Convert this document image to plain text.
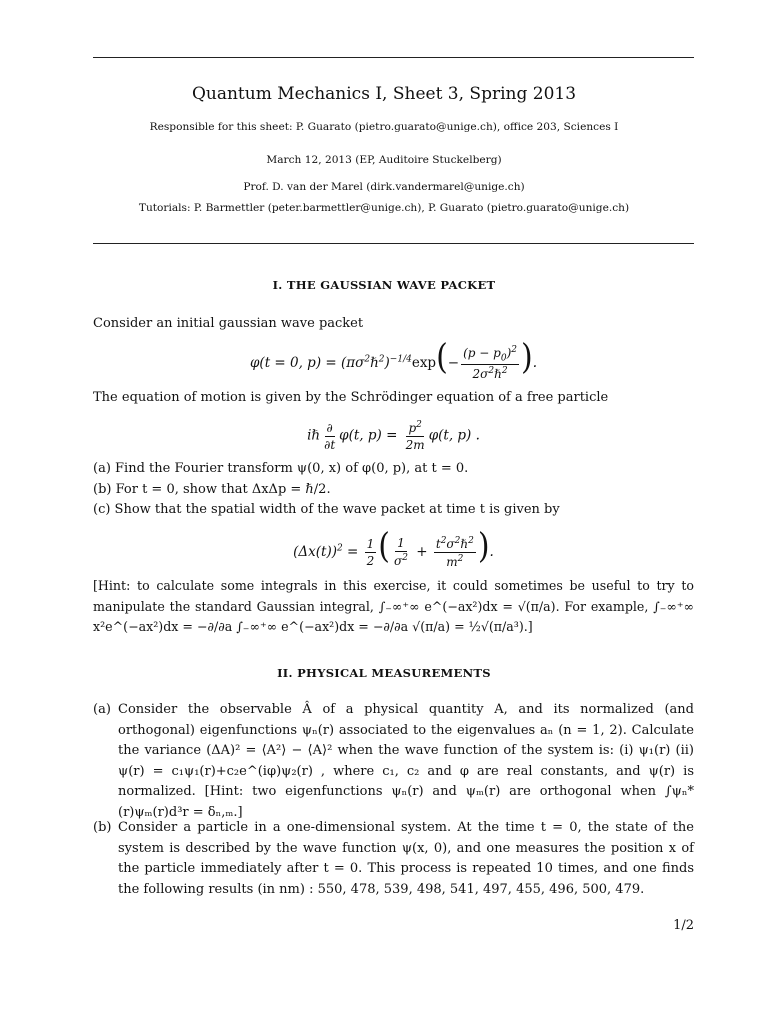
Quantum Mechanics I, Sheet 3, Spring 2013
Responsible for this sheet: P. Guarato (pietro.guarato@unige.ch), office 203, Sciences I
March 12, 2013 (EP, Auditoire Stuckelberg)
Prof. D. van der Marel (dirk.vandermarel@unige.ch)
Tutorials: P. Barmettler (peter.barmettler@unige.ch), P. Guarato (pietro.guarato@unige.ch)
I. THE GAUSSIAN WAVE PACKET
Consider an initial gaussian wave packet
φ(t = 0, $p) = (\pi\sigma^2\hbar^2)^{-1/4}\exp(- \frac{(p - p_0)^2}{2\sigma^2\hbar^2}$ ).
The equation of motion is given by the Schrödinger equation of a free particle
iℏ $\frac{\partial}{\partial t} \varphi(t$, $p) = \frac{p^2}{2m} \varphi(t$, p) .
(a) Find the Fourier transform ψ(0, x) of φ(0, p), at t = 0.
(b) For t = 0, show that ΔxΔp = ℏ/2.
(c) Show that the spatial width of the wave packet at time t is given by
$(\Delta x(t))^2 = \frac{1}{2}$ ( $\frac{1}{\sigma^2} + \frac{t^2\sigma^2\hbar^2}{m^2}$ ).
[Hint: to calculate some integrals in this exercise, it could sometimes be useful to try to manipulate the standard Gaussian integral, ∫₋∞⁺∞ e^(−ax²)dx = √(π/a). For example, ∫₋∞⁺∞ x²e^(−ax²)dx = −∂/∂a ∫₋∞⁺∞ e^(−ax²)dx = −∂/∂a √(π/a) = ½√(π/a³).]
II. PHYSICAL MEASUREMENTS
(a) Consider the observable Â of a physical quantity A, and its normalized (and orthogonal) eigenfunctions ψₙ(r) associated to the eigenvalues aₙ (n = 1, 2). Calculate the variance (ΔA)² = ⟨A²⟩ − ⟨A⟩² when the wave function of the system is: (i) ψ₁(r) (ii) ψ(r) = c₁ψ₁(r)+c₂e^(iφ)ψ₂(r) , where c₁, c₂ and φ are real constants, and ψ(r) is normalized. [Hint: two eigenfunctions ψₙ(r) and ψₘ(r) are orthogonal when ∫ψₙ*(r)ψₘ(r)d³r = δₙ,ₘ.]
(b) Consider a particle in a one-dimensional system. At the time t = 0, the state of the system is described by the wave function ψ(x, 0), and one measures the position x of the particle immediately after t = 0. This process is repeated 10 times, and one finds the following results (in nm) : 550, 478, 539, 498, 541, 497, 455, 496, 500, 479.
1/2
